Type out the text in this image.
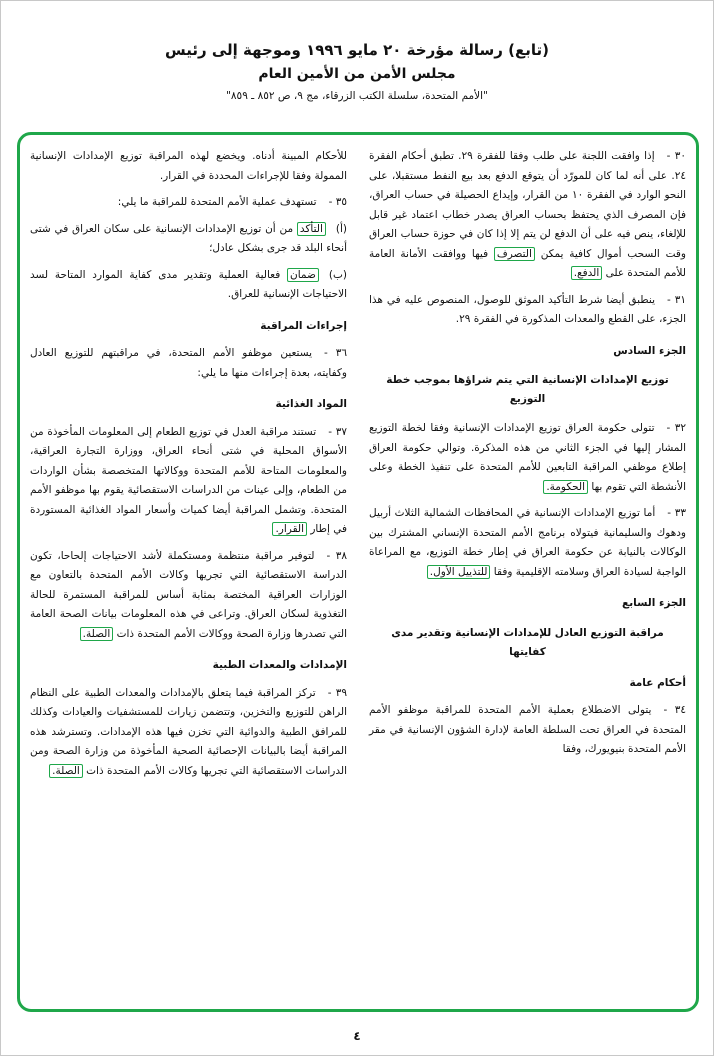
(تابع) رسالة مؤرخة ٢٠ مايو ١٩٩٦ وموجهة إلى رئيس
مجلس الأمن من الأمين العام
"الأمم المتحدة، سلسلة الكتب الزرقاء، مج ٩، ص ٨٥٢ ـ ٨٥٩"
٣٠ -إذا وافقت اللجنة على طلب وفقا للفقرة ٢٩. تطبق أحكام الفقرة ٢٤. على أنه لما كان للمورّد أن يتوقع الدفع بعد بيع النفط مستقبلا، على النحو الوارد في الفقرة ١٠ من القرار، وإيداع الحصيلة في حساب العراق، فإن المصرف الذي يحتفظ بحساب العراق يصدر خطاب اعتماد غير قابل للإلغاء، ينص فيه على أن الدفع لن يتم إلا إذا كان في حوزة حساب العراق وقت السحب أموال كافية يمكن التصرف فيها ووافقت الأمانة العامة للأمم المتحدة على الدفع.
٣١ -ينطبق أيضا شرط التأكيد الموثق للوصول، المنصوص عليه في هذا الجزء، على القطع والمعدات المذكورة في الفقرة ٢٩.
الجزء السادس
توزيع الإمدادات الإنسانية التي يتم شراؤها بموجب خطة التوزيع
٣٢ -تتولى حكومة العراق توزيع الإمدادات الإنسانية وفقا لخطة التوزيع المشار إليها في الجزء الثاني من هذه المذكرة. وتوالي حكومة العراق إطلاع موظفي المراقبة التابعين للأمم المتحدة على تنفيذ الخطة وعلى الأنشطة التي تقوم بها الحكومة.
٣٣ -أما توزيع الإمدادات الإنسانية في المحافظات الشمالية الثلاث أربيل ودهوك والسليمانية فيتولاه برنامج الأمم المتحدة الإنساني المشترك بين الوكالات بالنيابة عن حكومة العراق في إطار خطة التوزيع، مع المراعاة الواجبة لسيادة العراق وسلامته الإقليمية وفقا للتذييل الأول.
الجزء السابع
مراقبة التوزيع العادل للإمدادات الإنسانية وتقدير مدى كفايتها
أحكام عامة
٣٤ -يتولى الاضطلاع بعملية الأمم المتحدة للمراقبة موظفو الأمم المتحدة في العراق تحت السلطة العامة لإدارة الشؤون الإنسانية في مقر الأمم المتحدة بنيويورك، وفقا
للأحكام المبينة أدناه. ويخضع لهذه المراقبة توزيع الإمدادات الإنسانية الممولة وفقا للإجراءات المحددة في القرار.
٣٥ -تستهدف عملية الأمم المتحدة للمراقبة ما يلي:
(أ)التأكد من أن توزيع الإمدادات الإنسانية على سكان العراق في شتى أنحاء البلد قد جرى بشكل عادل؛
(ب)ضمان فعالية العملية وتقدير مدى كفاية الموارد المتاحة لسد الاحتياجات الإنسانية للعراق.
إجراءات المراقبة
٣٦ -يستعين موظفو الأمم المتحدة، في مراقبتهم للتوزيع العادل وكفايته، بعدة إجراءات منها ما يلي:
المواد الغذائية
٣٧ -تستند مراقبة العدل في توزيع الطعام إلى المعلومات المأخوذة من الأسواق المحلية في شتى أنحاء العراق، ووزارة التجارة العراقية، والمعلومات المتاحة للأمم المتحدة ووكالاتها المتخصصة بشأن الواردات من الطعام، وإلى عينات من الدراسات الاستقصائية يقوم بها موظفو الأمم المتحدة. وتشمل المراقبة أيضا كميات وأسعار المواد الغذائية المستوردة في إطار القرار.
٣٨ -لتوفير مراقبة منتظمة ومستكملة لأشد الاحتياجات إلحاحا، تكون الدراسة الاستقصائية التي تجريها وكالات الأمم المتحدة بالتعاون مع الوزارات العراقية المختصة بمثابة أساس للمراقبة المستمرة للحالة التغذوية لسكان العراق. وتراعى في هذه المعلومات بيانات الصحة العامة التي تصدرها وزارة الصحة ووكالات الأمم المتحدة ذات الصلة.
الإمدادات والمعدات الطبية
٣٩ -تركز المراقبة فيما يتعلق بالإمدادات والمعدات الطبية على النظام الراهن للتوزيع والتخزين، وتتضمن زيارات للمستشفيات والعيادات وكذلك للمرافق الطبية والدوائية التي تخزن فيها هذه الإمدادات. وتسترشد هذه المراقبة أيضا بالبيانات الإحصائية الصحية المأخوذة من وزارة الصحة ومن الدراسات الاستقصائية التي تجريها وكالات الأمم المتحدة ذات الصلة.
٤
